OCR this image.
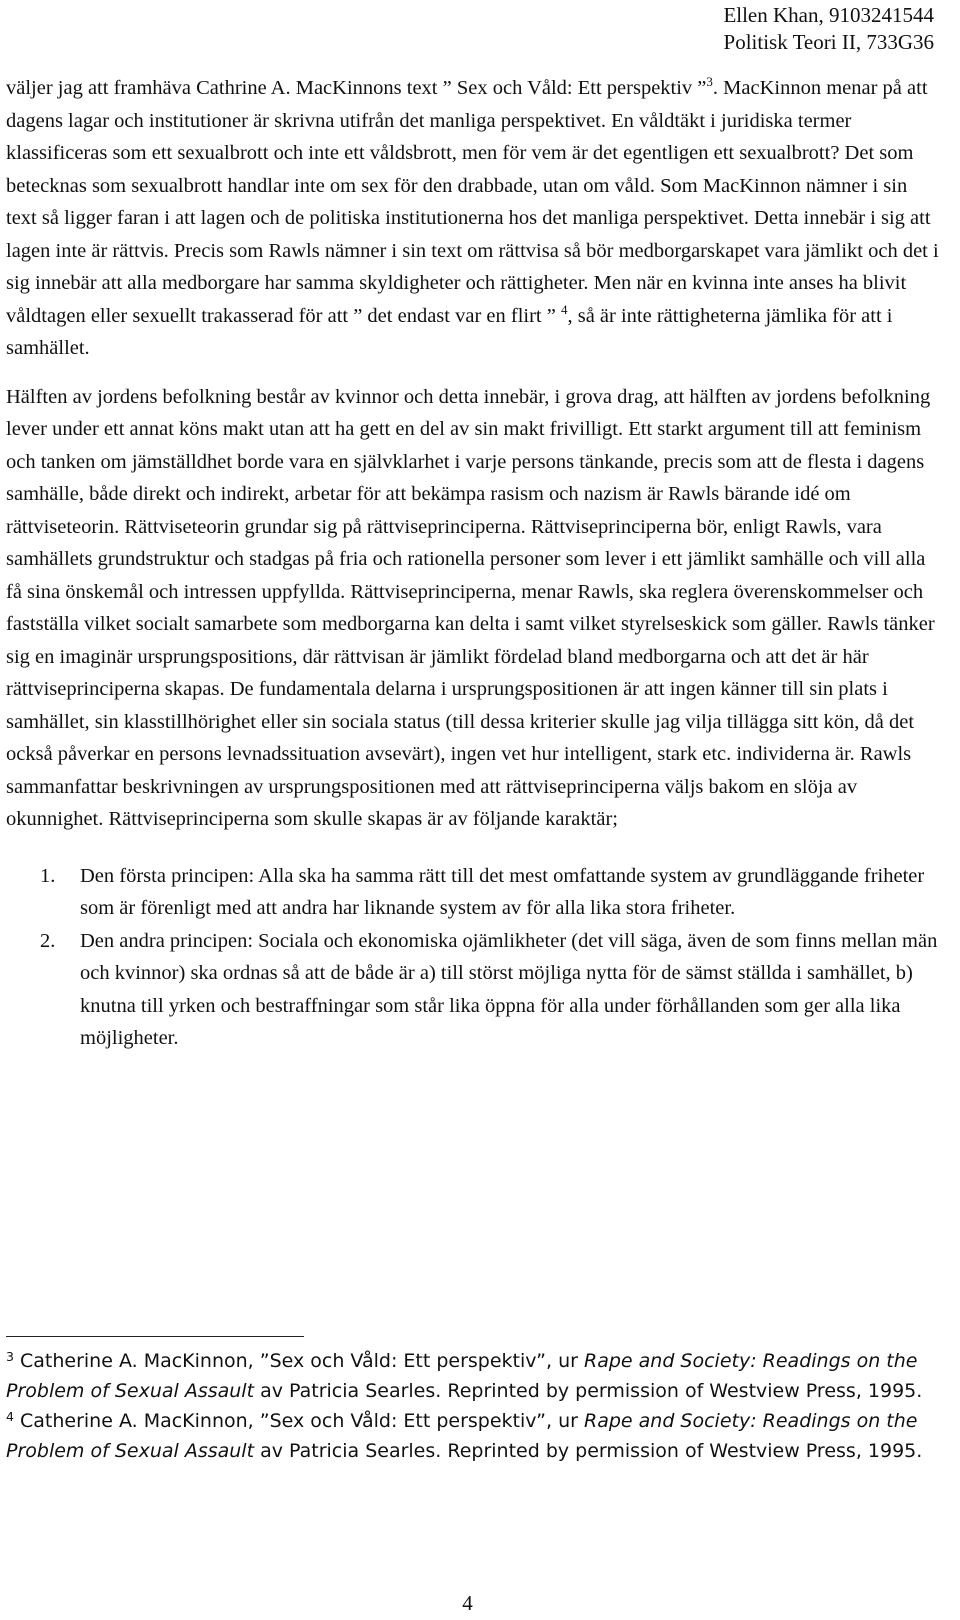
Ellen Khan, 9103241544
Politisk Teori II, 733G36

väljer jag att framhäva Cathrine A. MacKinnons text ” Sex och Våld: Ett perspektiv ”$^3$. MacKinnon menar på att dagens lagar och institutioner är skrivna utifrån det manliga perspektivet. En våldtäkt i juridiska termer klassificeras som ett sexualbrott och inte ett våldsbrott, men för vem är det egentligen ett sexualbrott? Det som betecknas som sexualbrott handlar inte om sex för den drabbade, utan om våld. Som MacKinnon nämner i sin text så ligger faran i att lagen och de politiska institutionerna hos det manliga perspektivet. Detta innebär i sig att lagen inte är rättvis. Precis som Rawls nämner i sin text om rättvisa så bör medborgarskapet vara jämlikt och det i sig innebär att alla medborgare har samma skyldigheter och rättigheter. Men när en kvinna inte anses ha blivit våldtagen eller sexuellt trakasserad för att ” det endast var en flirt ” $^4$, så är inte rättigheterna jämlika för att i samhället.

Hälften av jordens befolkning består av kvinnor och detta innebär, i grova drag, att hälften av jordens befolkning lever under ett annat köns makt utan att ha gett en del av sin makt frivilligt. Ett starkt argument till att feminism och tanken om jämställdhet borde vara en självklarhet i varje persons tänkande, precis som att de flesta i dagens samhälle, både direkt och indirekt, arbetar för att bekämpa rasism och nazism är Rawls bärande idé om rättviseteorin. Rättviseteorin grundar sig på rättviseprinciperna. Rättviseprinciperna bör, enligt Rawls, vara samhällets grundstruktur och stadgas på fria och rationella personer som lever i ett jämlikt samhälle och vill alla få sina önskemål och intressen uppfyllda. Rättviseprinciperna, menar Rawls, ska reglera överenskommelser och fastställa vilket socialt samarbete som medborgarna kan delta i samt vilket styrelseskick som gäller. Rawls tänker sig en imaginär ursprungspositions, där rättvisan är jämlikt fördelad bland medborgarna och att det är här rättviseprinciperna skapas. De fundamentala delarna i ursprungspositionen är att ingen känner till sin plats i samhället, sin klasstillhörighet eller sin sociala status (till dessa kriterier skulle jag vilja tillägga sitt kön, då det också påverkar en persons levnadssituation avsevärt), ingen vet hur intelligent, stark etc. individerna är. Rawls sammanfattar beskrivningen av ursprungspositionen med att rättviseprinciperna väljs bakom en slöja av okunnighet. Rättviseprinciperna som skulle skapas är av följande karaktär;

1. Den första principen: Alla ska ha samma rätt till det mest omfattande system av grundläggande friheter som är förenligt med att andra har liknande system av för alla lika stora friheter.
2. Den andra principen: Sociala och ekonomiska ojämlikheter (det vill säga, även de som finns mellan män och kvinnor) ska ordnas så att de både är a) till störst möjliga nytta för de sämst ställda i samhället, b) knutna till yrken och bestraffningar som står lika öppna för alla under förhållanden som ger alla lika möjligheter.

$^3$ Catherine A. MacKinnon, ”Sex och Våld: Ett perspektiv”, ur Rape and Society: Readings on the Problem of Sexual Assault av Patricia Searles. Reprinted by permission of Westview Press, 1995.

$^4$ Catherine A. MacKinnon, ”Sex och Våld: Ett perspektiv”, ur Rape and Society: Readings on the Problem of Sexual Assault av Patricia Searles. Reprinted by permission of Westview Press, 1995.

4
